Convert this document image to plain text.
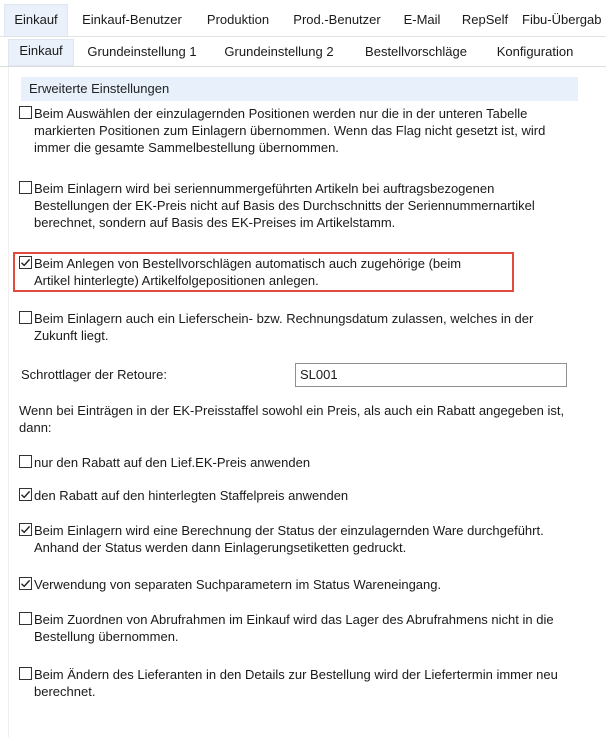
Einkauf	Einkauf-Benutzer	Produktion	Prod.-Benutzer	E-Mail	RepSelf	Fibu-Übergab
Einkauf	Grundeinstellung 1	Grundeinstellung 2	Bestellvorschläge	Konfiguration
Erweiterte Einstellungen
Beim Auswählen der einzulagernden Positionen werden nur die in der unteren Tabelle markierten Positionen zum Einlagern übernommen. Wenn das Flag nicht gesetzt ist, wird immer die gesamte Sammelbestellung übernommen.
Beim Einlagern wird bei seriennummergeführten Artikeln bei auftragsbezogenen Bestellungen der EK-Preis nicht auf Basis des Durchschnitts der Seriennummernartikel berechnet, sondern auf Basis des EK-Preises im Artikelstamm.
Beim Anlegen von Bestellvorschlägen automatisch auch zugehörige (beim Artikel hinterlegte) Artikelfolgepositionen anlegen.
Beim Einlagern auch ein Lieferschein- bzw. Rechnungsdatum zulassen, welches in der Zukunft liegt.
Schrottlager der Retoure:	SL001
Wenn bei Einträgen in der EK-Preisstaffel sowohl ein Preis, als auch ein Rabatt angegeben ist, dann:
nur den Rabatt auf den Lief.EK-Preis anwenden
den Rabatt auf den hinterlegten Staffelpreis anwenden
Beim Einlagern wird eine Berechnung der Status der einzulagernden Ware durchgeführt. Anhand der Status werden dann Einlagerungsetiketten gedruckt.
Verwendung von separaten Suchparametern im Status Wareneingang.
Beim Zuordnen von Abrufrahmen im Einkauf wird das Lager des Abrufrahmens nicht in die Bestellung übernommen.
Beim Ändern des Lieferanten in den Details zur Bestellung wird der Liefertermin immer neu berechnet.
